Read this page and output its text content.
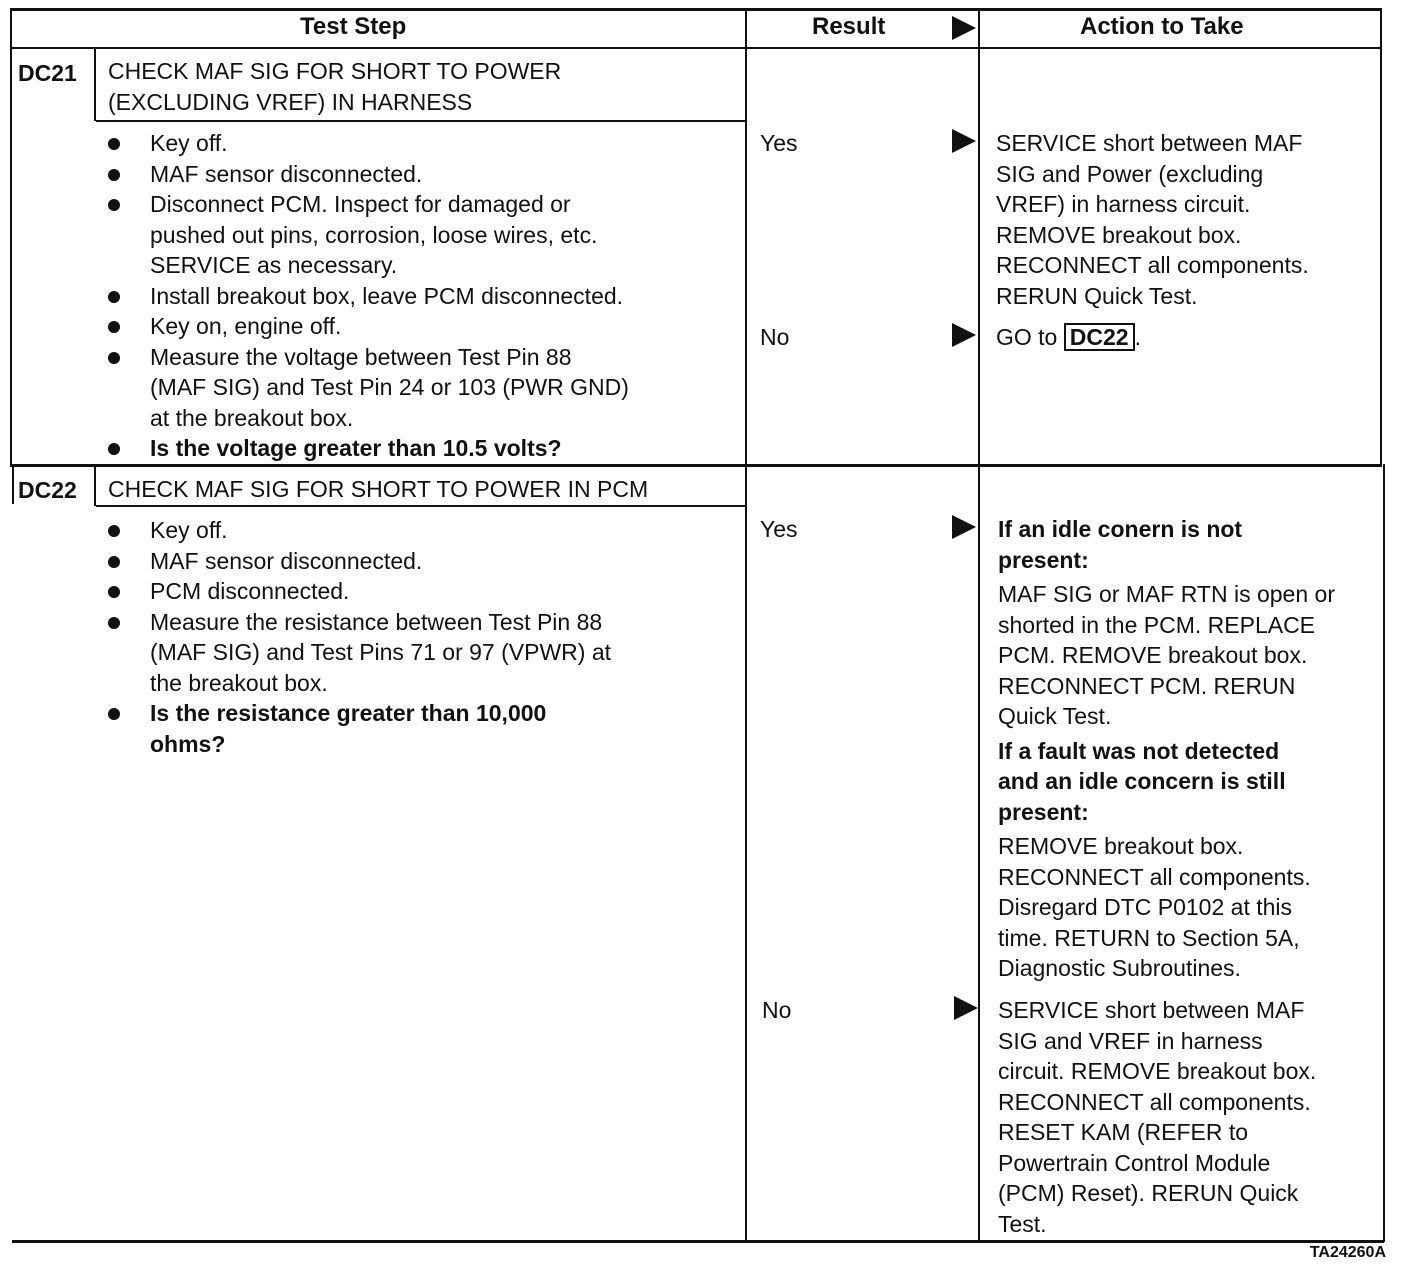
Test Step	Result	Action to Take
DC21 CHECK MAF SIG FOR SHORT TO POWER
(EXCLUDING VREF) IN HARNESS
Key off.
MAF sensor disconnected.
Disconnect PCM. Inspect for damaged or
pushed out pins, corrosion, loose wires, etc.
SERVICE as necessary.
Install breakout box, leave PCM disconnected.
Key on, engine off.
Measure the voltage between Test Pin 88
(MAF SIG) and Test Pin 24 or 103 (PWR GND)
at the breakout box.
Is the voltage greater than 10.5 volts?
Yes	SERVICE short between MAF
SIG and Power (excluding
VREF) in harness circuit.
REMOVE breakout box.
RECONNECT all components.
RERUN Quick Test.
No	GO to DC22 .
DC22 CHECK MAF SIG FOR SHORT TO POWER IN PCM
Key off.
MAF sensor disconnected.
PCM disconnected.
Measure the resistance between Test Pin 88
(MAF SIG) and Test Pins 71 or 97 (VPWR) at
the breakout box.
Is the resistance greater than 10,000
ohms?
Yes	If an idle conern is not
present:
MAF SIG or MAF RTN is open or
shorted in the PCM. REPLACE
PCM. REMOVE breakout box.
RECONNECT PCM. RERUN
Quick Test.
If a fault was not detected
and an idle concern is still
present:
REMOVE breakout box.
RECONNECT all components.
Disregard DTC P0102 at this
time. RETURN to Section 5A,
Diagnostic Subroutines.
No	SERVICE short between MAF
SIG and VREF in harness
circuit. REMOVE breakout box.
RECONNECT all components.
RESET KAM (REFER to
Powertrain Control Module
(PCM) Reset). RERUN Quick
Test.
TA24260A
